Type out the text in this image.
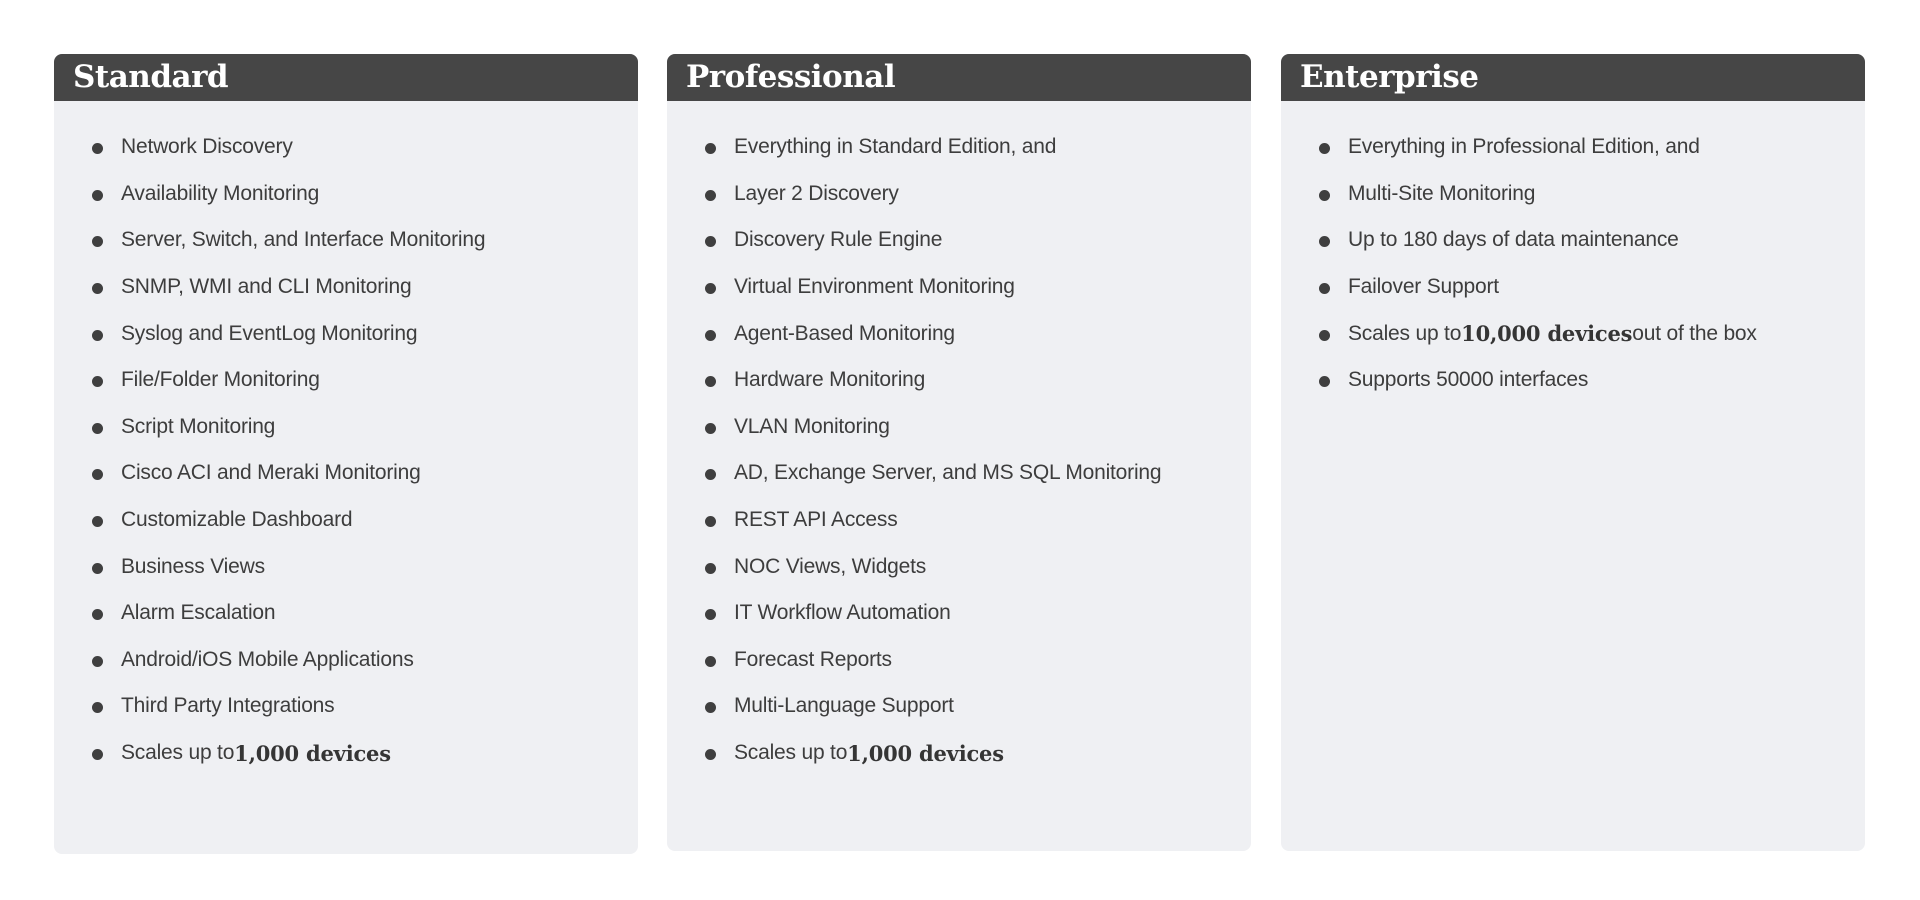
Standard
Network Discovery
Availability Monitoring
Server, Switch, and Interface Monitoring
SNMP, WMI and CLI Monitoring
Syslog and EventLog Monitoring
File/Folder Monitoring
Script Monitoring
Cisco ACI and Meraki Monitoring
Customizable Dashboard
Business Views
Alarm Escalation
Android/iOS Mobile Applications
Third Party Integrations
Scales up to 1,000 devices
Professional
Everything in Standard Edition, and
Layer 2 Discovery
Discovery Rule Engine
Virtual Environment Monitoring
Agent-Based Monitoring
Hardware Monitoring
VLAN Monitoring
AD, Exchange Server, and MS SQL Monitoring
REST API Access
NOC Views, Widgets
IT Workflow Automation
Forecast Reports
Multi-Language Support
Scales up to 1,000 devices
Enterprise
Everything in Professional Edition, and
Multi-Site Monitoring
Up to 180 days of data maintenance
Failover Support
Scales up to 10,000 devices out of the box
Supports 50000 interfaces
